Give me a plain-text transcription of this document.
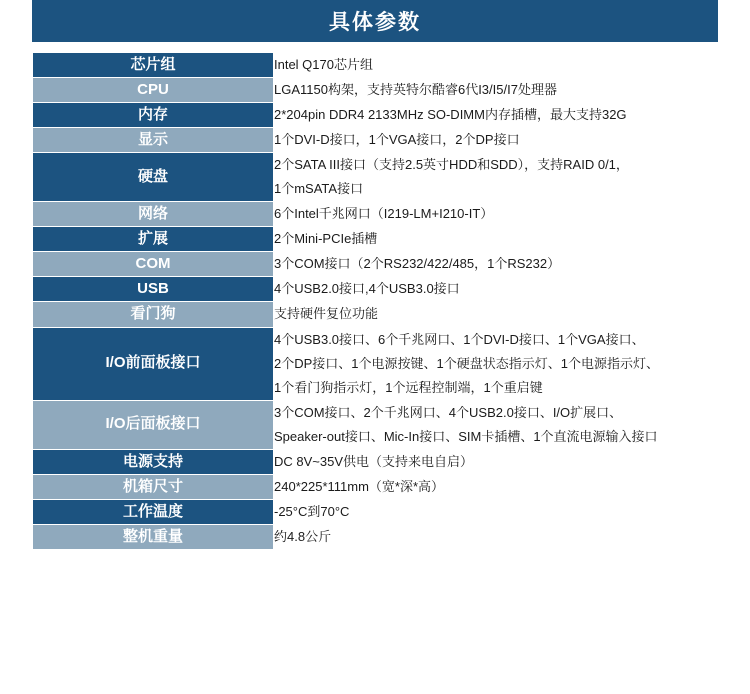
具体参数
芯片组	Intel Q170芯片组

CPU	LGA1150构架，支持英特尔酷睿6代I3/I5/I7处理器

内存	2*204pin DDR4 2133MHz SO-DIMM内存插槽，最大支持32G

显示	1个DVI-D接口，1个VGA接口，2个DP接口

硬盘	2个SATA III接口（支持2.5英寸HDD和SDD），支持RAID 0/1，
1个mSATA接口

网络	6个Intel千兆网口（I219-LM+I210-IT）

扩展	2个Mini-PCIe插槽

COM	3个COM接口（2个RS232/422/485，1个RS232）

USB	4个USB2.0接口,4个USB3.0接口

看门狗	支持硬件复位功能

I/O前面板接口	4个USB3.0接口、6个千兆网口、1个DVI-D接口、1个VGA接口、
2个DP接口、1个电源按键、1个硬盘状态指示灯、1个电源指示灯、
1个看门狗指示灯，1个远程控制端，1个重启键

I/O后面板接口	3个COM接口、2个千兆网口、4个USB2.0接口、I/O扩展口、
Speaker-out接口、Mic-In接口、SIM卡插槽、1个直流电源输入接口

电源支持	DC 8V~35V供电（支持来电自启）

机箱尺寸	240*225*111mm（宽*深*高）

工作温度	-25°C到70°C

整机重量	约4.8公斤
